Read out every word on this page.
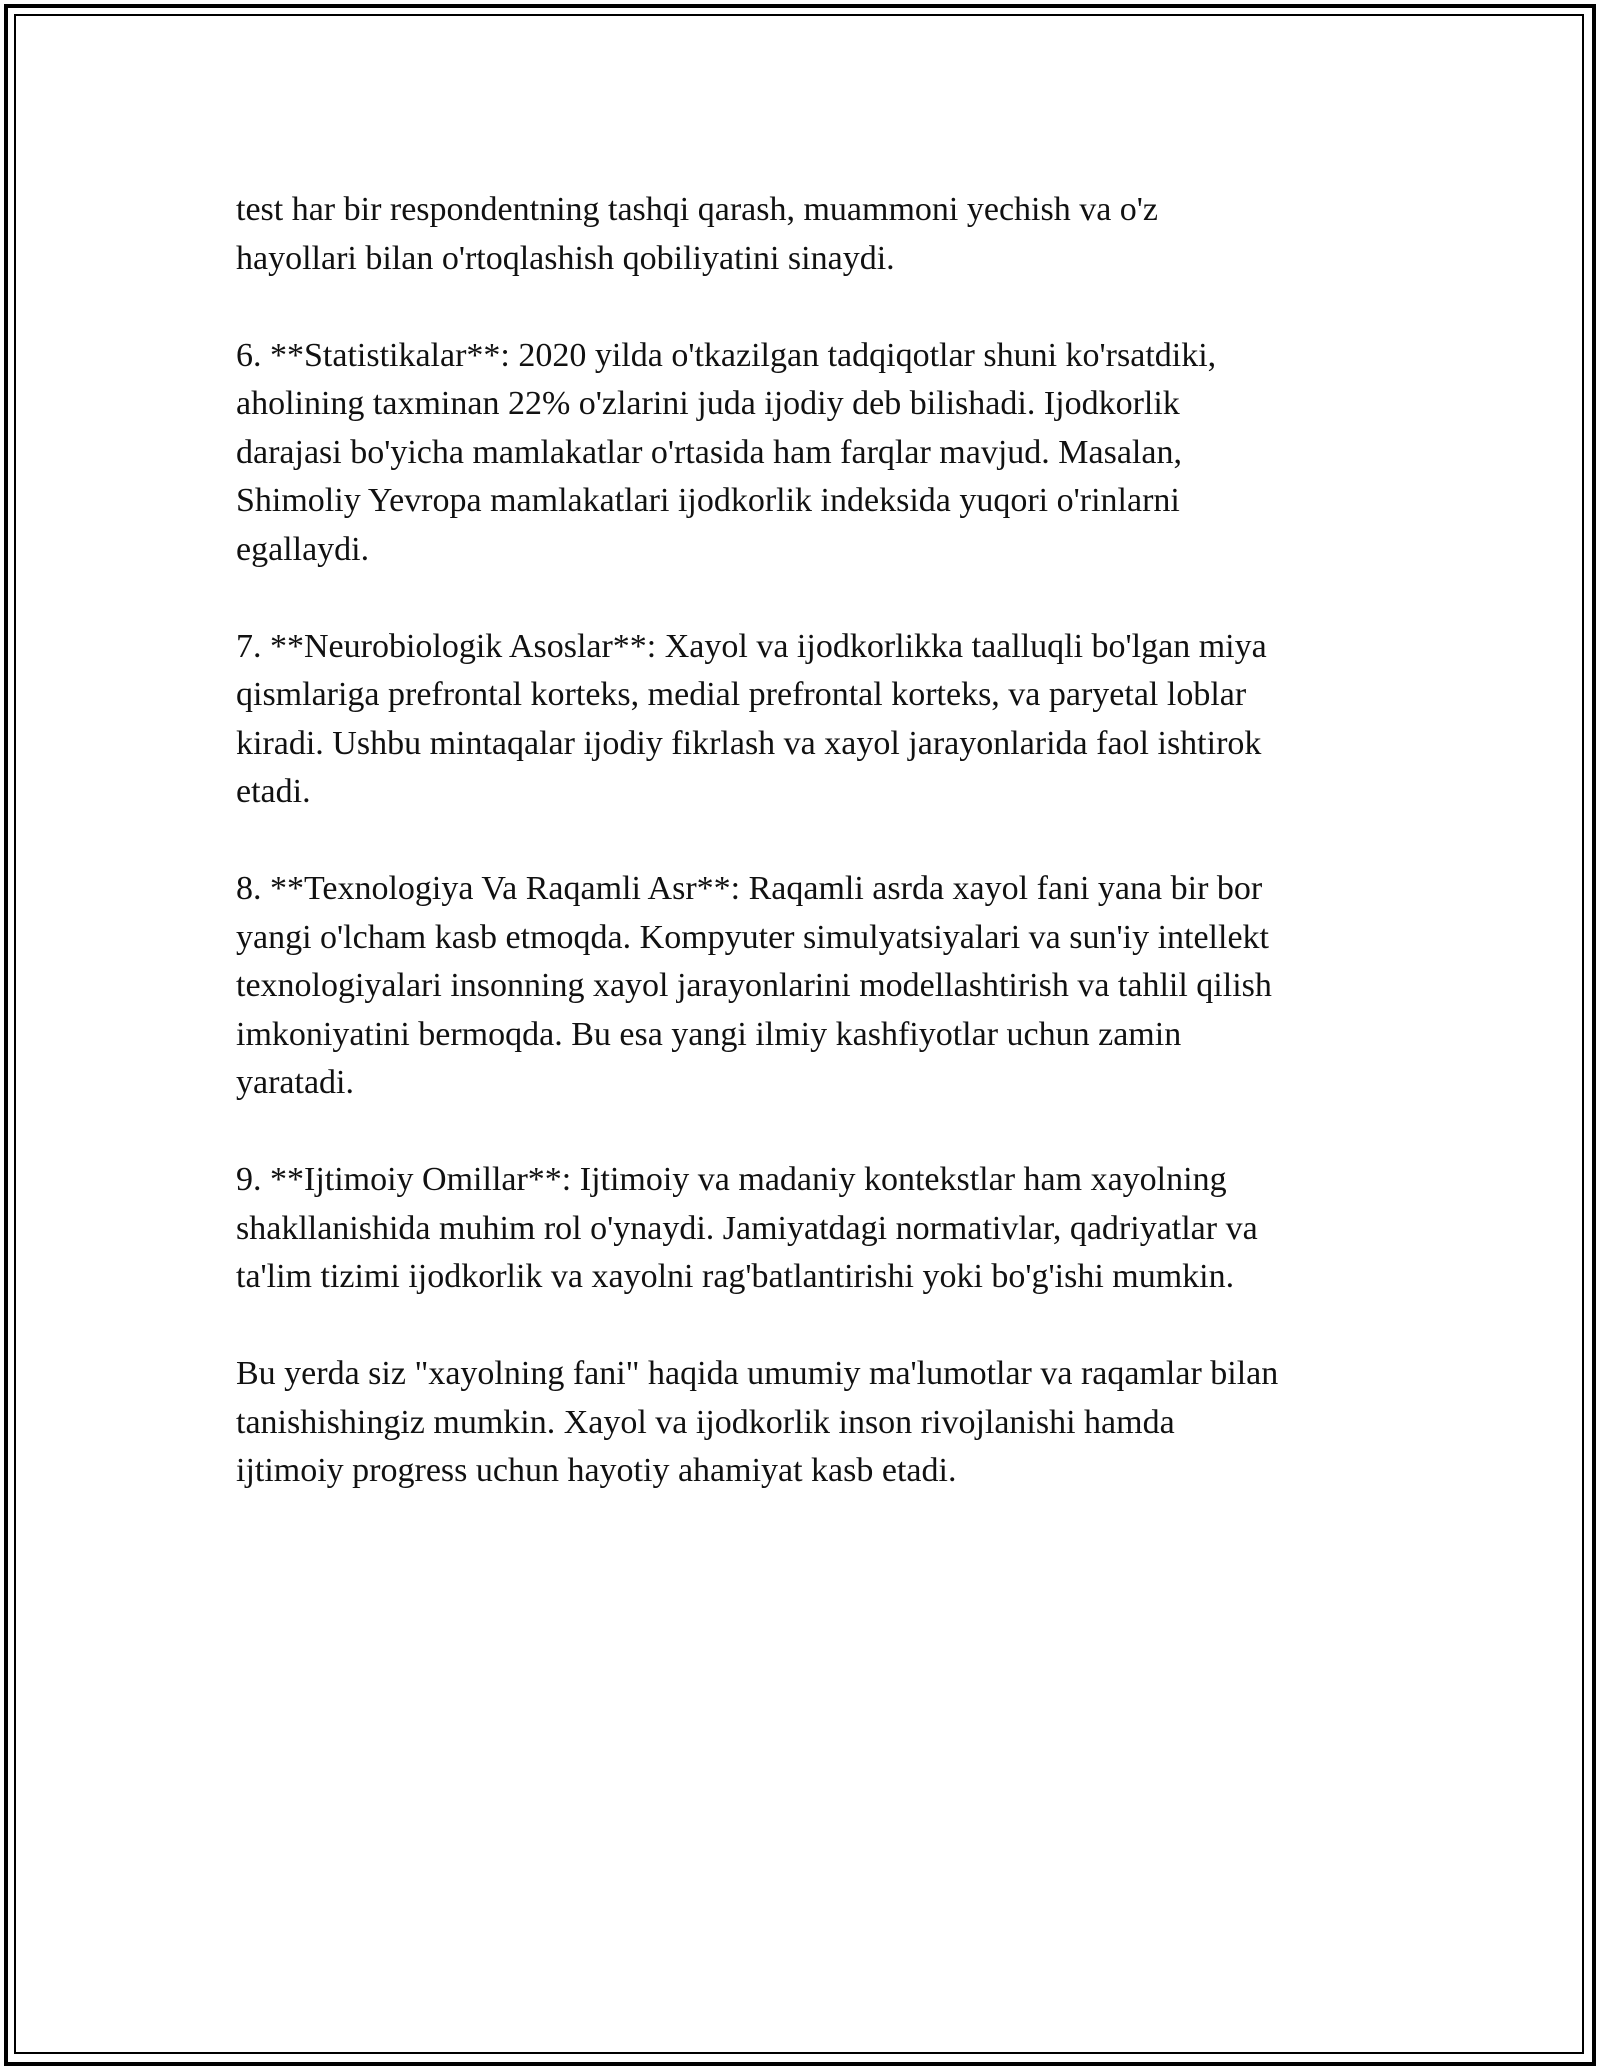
test har bir respondentning tashqi qarash, muammoni yechish va o'z
hayollari bilan o'rtoqlashish qobiliyatini sinaydi.

6. **Statistikalar**: 2020 yilda o'tkazilgan tadqiqotlar shuni ko'rsatdiki,
aholining taxminan 22% o'zlarini juda ijodiy deb bilishadi. Ijodkorlik
darajasi bo'yicha mamlakatlar o'rtasida ham farqlar mavjud. Masalan,
Shimoliy Yevropa mamlakatlari ijodkorlik indeksida yuqori o'rinlarni
egallaydi.

7. **Neurobiologik Asoslar**: Xayol va ijodkorlikka taalluqli bo'lgan miya
qismlariga prefrontal korteks, medial prefrontal korteks, va paryetal loblar
kiradi. Ushbu mintaqalar ijodiy fikrlash va xayol jarayonlarida faol ishtirok
etadi.

8. **Texnologiya Va Raqamli Asr**: Raqamli asrda xayol fani yana bir bor
yangi o'lcham kasb etmoqda. Kompyuter simulyatsiyalari va sun'iy intellekt
texnologiyalari insonning xayol jarayonlarini modellashtirish va tahlil qilish
imkoniyatini bermoqda. Bu esa yangi ilmiy kashfiyotlar uchun zamin
yaratadi.

9. **Ijtimoiy Omillar**: Ijtimoiy va madaniy kontekstlar ham xayolning
shakllanishida muhim rol o'ynaydi. Jamiyatdagi normativlar, qadriyatlar va
ta'lim tizimi ijodkorlik va xayolni rag'batlantirishi yoki bo'g'ishi mumkin.

Bu yerda siz "xayolning fani" haqida umumiy ma'lumotlar va raqamlar bilan
tanishishingiz mumkin. Xayol va ijodkorlik inson rivojlanishi hamda
ijtimoiy progress uchun hayotiy ahamiyat kasb etadi.
